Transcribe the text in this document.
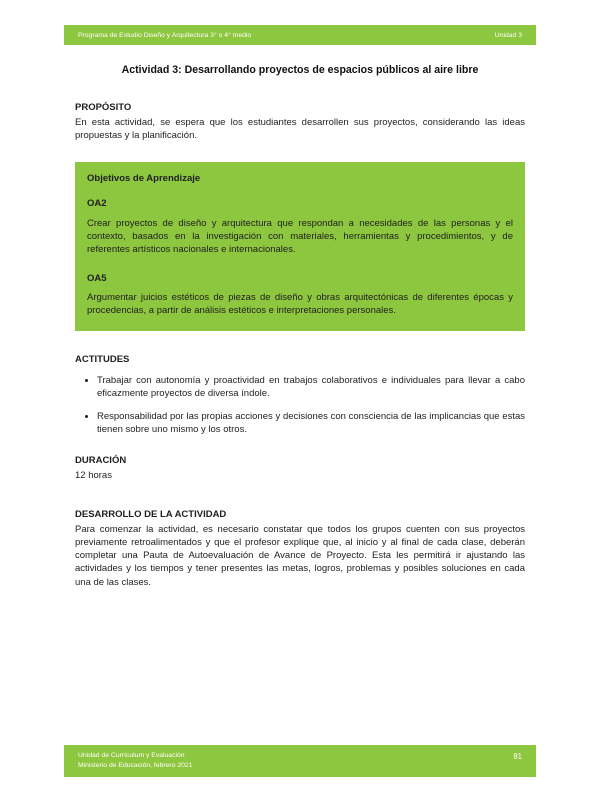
Programa de Estudio Diseño y Arquitectura 3° o 4° medio	Unidad 3
Actividad 3: Desarrollando proyectos de espacios públicos al aire libre

PROPÓSITO

En esta actividad, se espera que los estudiantes desarrollen sus proyectos, considerando las ideas propuestas y la planificación.

Objetivos de Aprendizaje

OA2

Crear proyectos de diseño y arquitectura que respondan a necesidades de las personas y el contexto, basados en la investigación con materiales, herramientas y procedimientos, y de referentes artísticos nacionales e internacionales.

OA5

Argumentar juicios estéticos de piezas de diseño y obras arquitectónicas de diferentes épocas y procedencias, a partir de análisis estéticos e interpretaciones personales.

ACTITUDES

• Trabajar con autonomía y proactividad en trabajos colaborativos e individuales para llevar a cabo eficazmente proyectos de diversa índole.
• Responsabilidad por las propias acciones y decisiones con consciencia de las implicancias que estas tienen sobre uno mismo y los otros.

DURACIÓN

12 horas

DESARROLLO DE LA ACTIVIDAD

Para comenzar la actividad, es necesario constatar que todos los grupos cuenten con sus proyectos previamente retroalimentados y que el profesor explique que, al inicio y al final de cada clase, deberán completar una Pauta de Autoevaluación de Avance de Proyecto. Esta les permitirá ir ajustando las actividades y los tiempos y tener presentes las metas, logros, problemas y posibles soluciones en cada una de las clases.

Unidad de Currículum y Evaluación
Ministerio de Educación, febrero 2021
81
